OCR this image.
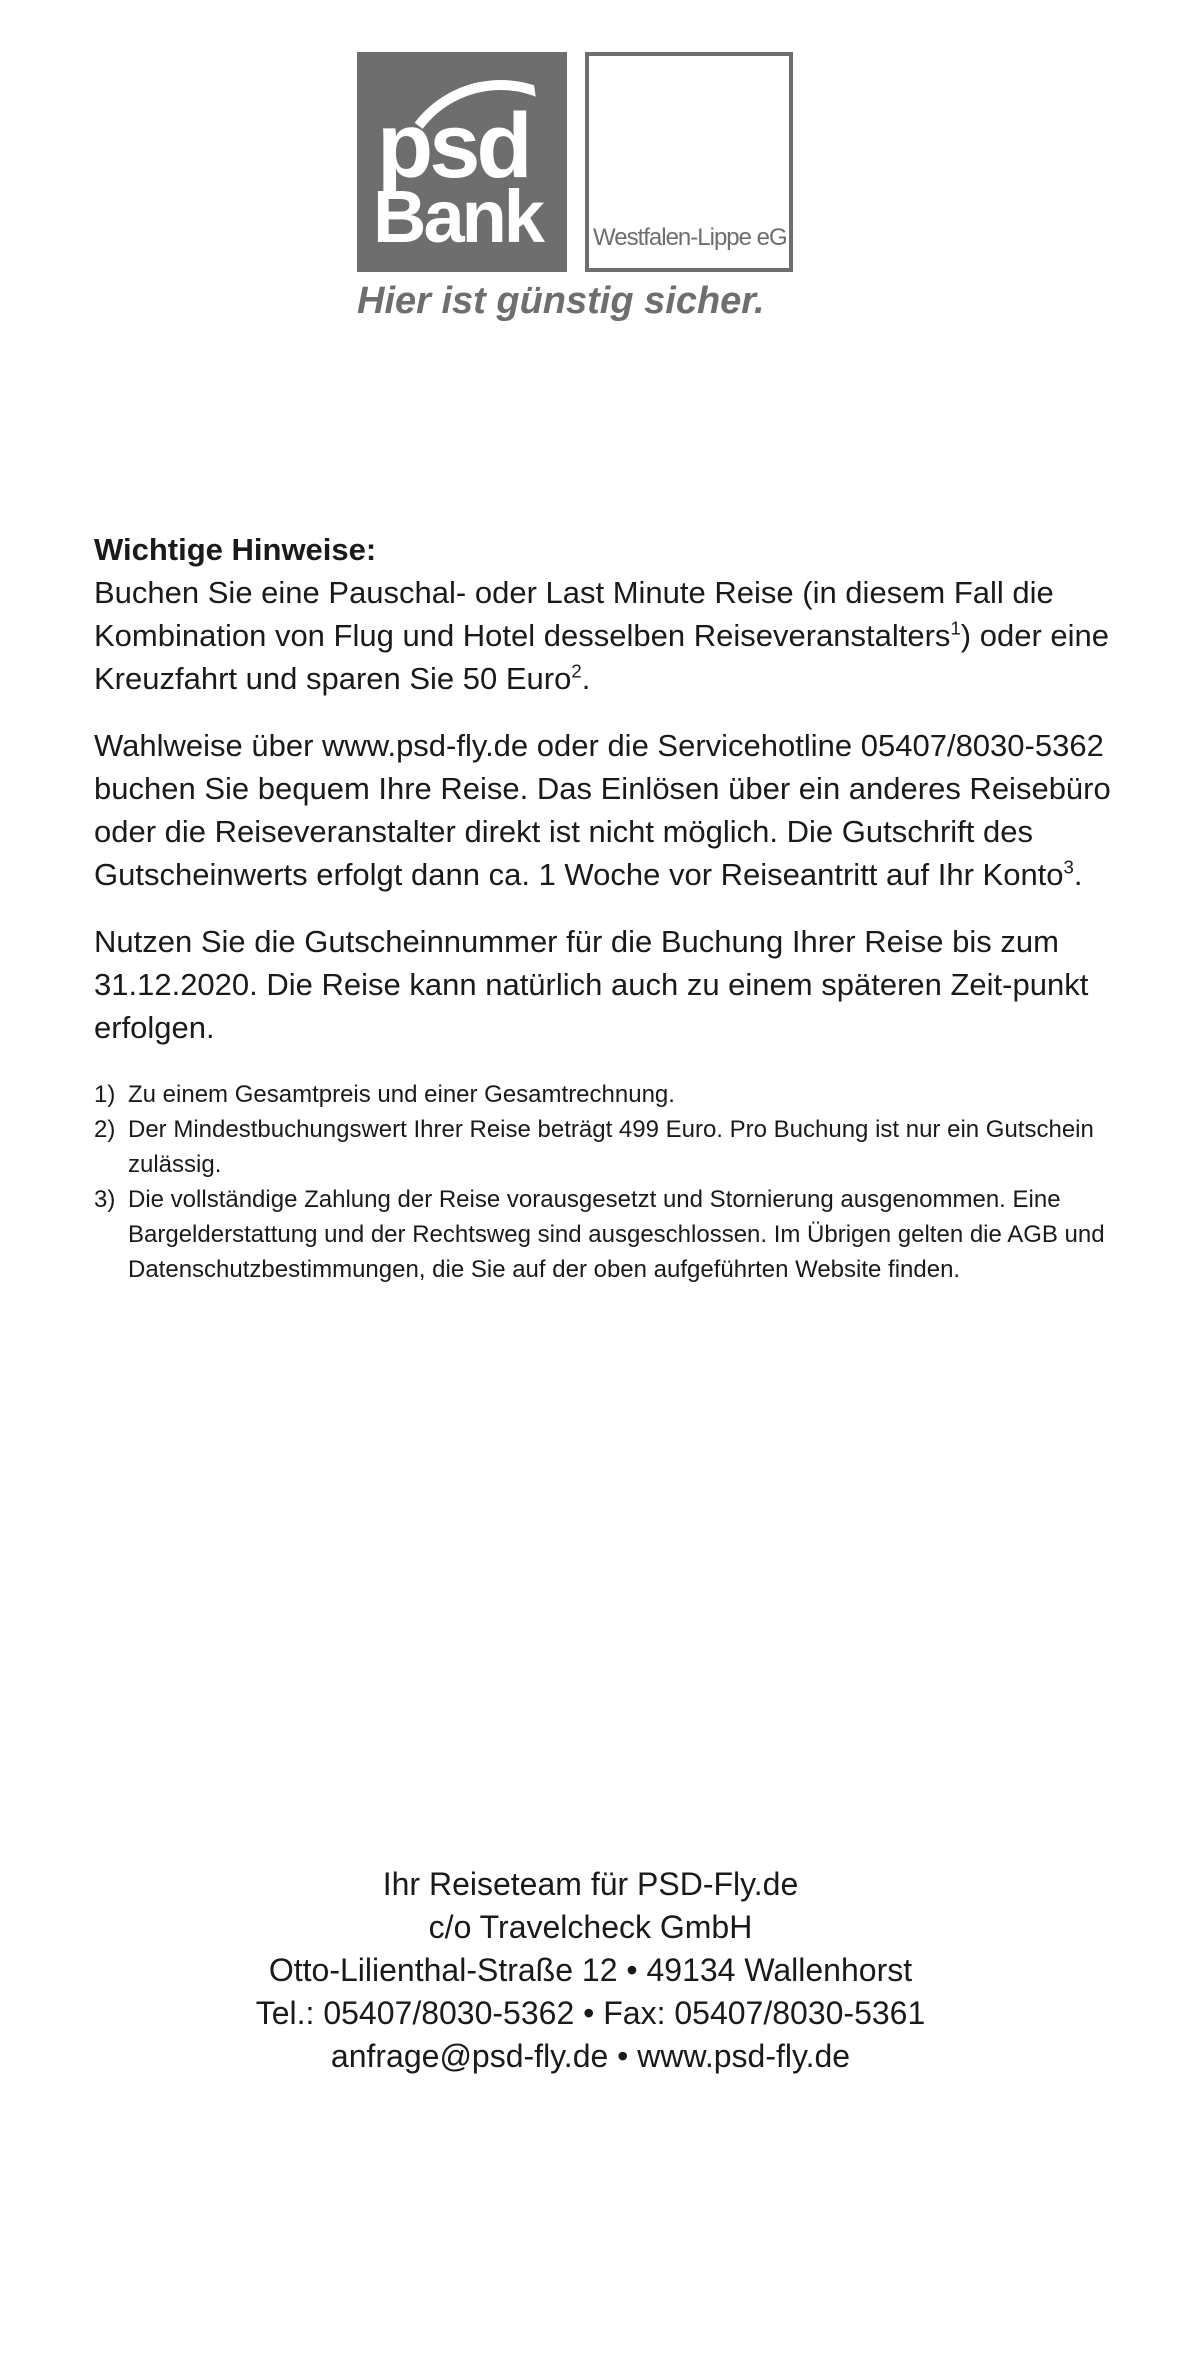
psd
Bank Westfalen-Lippe eG
Hier ist günstig sicher.

Wichtige Hinweise:
Buchen Sie eine Pauschal- oder Last Minute Reise (in diesem Fall die Kombination von Flug und Hotel desselben Reiseveranstalters$^1$) oder eine Kreuzfahrt und sparen Sie 50 Euro$^2$.

Wahlweise über www.psd-fly.de oder die Servicehotline 05407/8030-5362 buchen Sie bequem Ihre Reise. Das Einlösen über ein anderes Reisebüro oder die Reiseveranstalter direkt ist nicht möglich. Die Gutschrift des Gutscheinwerts erfolgt dann ca. 1 Woche vor Reiseantritt auf Ihr Konto$^3$.

Nutzen Sie die Gutscheinnummer für die Buchung Ihrer Reise bis zum 31.12.2020. Die Reise kann natürlich auch zu einem späteren Zeit-punkt erfolgen.

1) Zu einem Gesamtpreis und einer Gesamtrechnung.
2) Der Mindestbuchungswert Ihrer Reise beträgt 499 Euro. Pro Buchung ist nur ein Gutschein zulässig.
3) Die vollständige Zahlung der Reise vorausgesetzt und Stornierung ausgenommen. Eine Bargelderstattung und der Rechtsweg sind ausgeschlossen. Im Übrigen gelten die AGB und Datenschutzbestimmungen, die Sie auf der oben aufgeführten Website finden.
Ihr Reiseteam für PSD-Fly.de
c/o Travelcheck GmbH
Otto-Lilienthal-Straße 12 • 49134 Wallenhorst
Tel.: 05407/8030-5362 • Fax: 05407/8030-5361
anfrage@psd-fly.de • www.psd-fly.de
